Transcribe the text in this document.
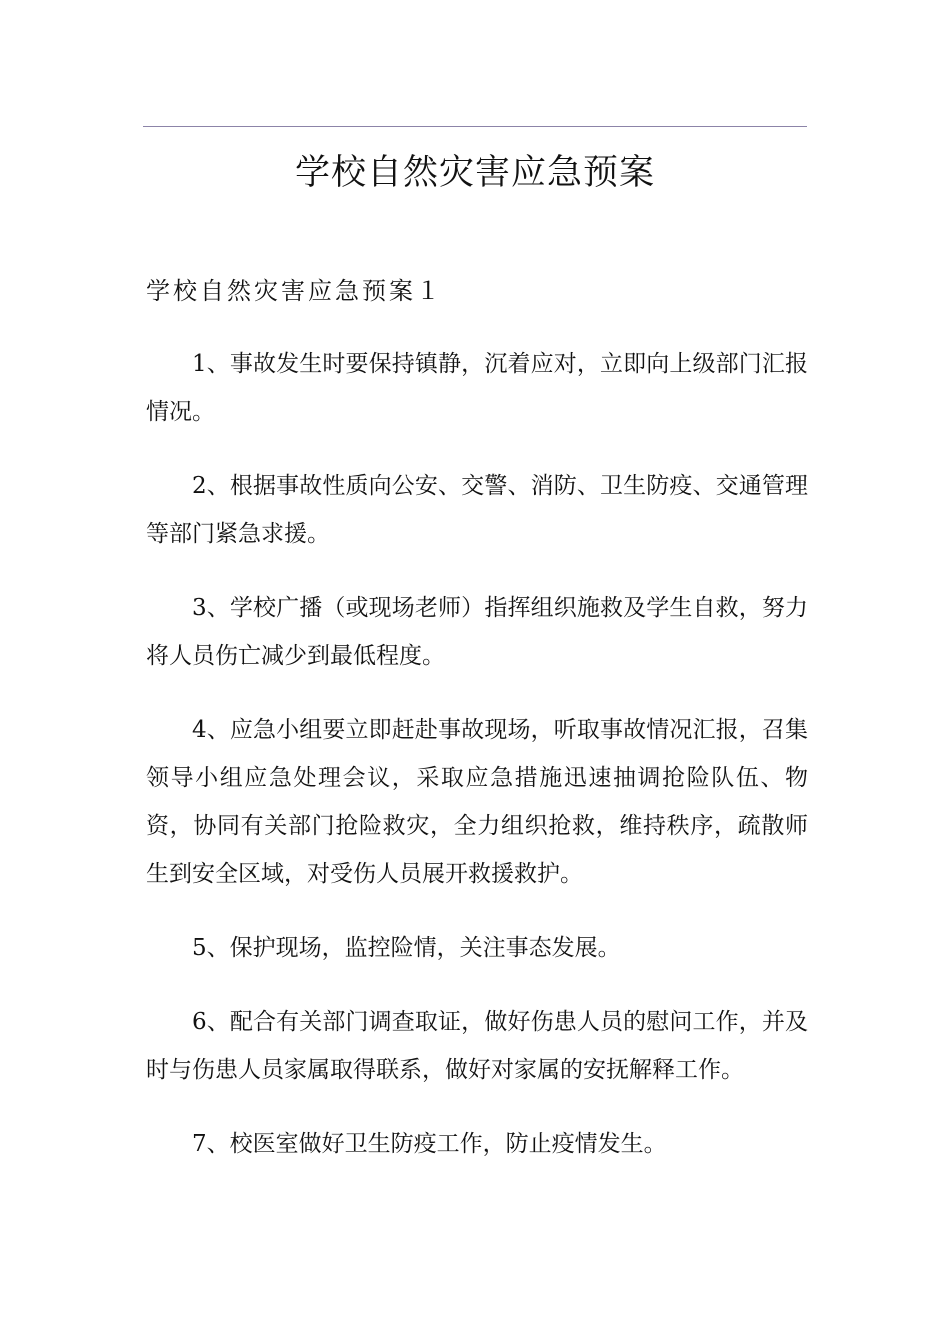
学校自然灾害应急预案
学校自然灾害应急预案１

1、事故发生时要保持镇静，沉着应对，立即向上级部门汇报情况。

2、根据事故性质向公安、交警、消防、卫生防疫、交通管理等部门紧急求援。

3、学校广播（或现场老师）指挥组织施救及学生自救，努力将人员伤亡减少到最低程度。

4、应急小组要立即赶赴事故现场，听取事故情况汇报，召集领导小组应急处理会议，采取应急措施迅速抽调抢险队伍、物资，协同有关部门抢险救灾，全力组织抢救，维持秩序，疏散师生到安全区域，对受伤人员展开救援救护。

5、保护现场，监控险情，关注事态发展。

6、配合有关部门调查取证，做好伤患人员的慰问工作，并及时与伤患人员家属取得联系，做好对家属的安抚解释工作。

7、校医室做好卫生防疫工作，防止疫情发生。
